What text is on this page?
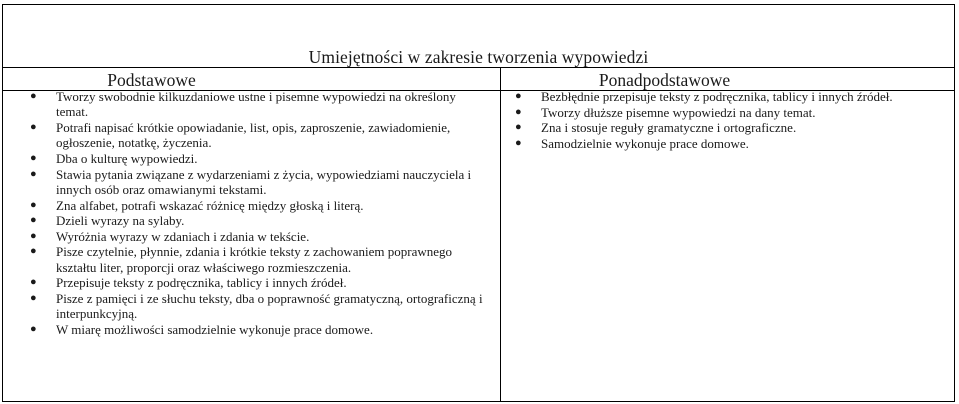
Umiejętności w zakresie tworzenia wypowiedzi
Podstawowe	Ponadpodstawowe
● Tworzy swobodnie kilkuzdaniowe ustne i pisemne wypowiedzi na określony temat.
● Potrafi napisać krótkie opowiadanie, list, opis, zaproszenie, zawiadomienie, ogłoszenie, notatkę, życzenia.
● Dba o kulturę wypowiedzi.
● Stawia pytania związane z wydarzeniami z życia, wypowiedziami nauczyciela i innych osób oraz omawianymi tekstami.
● Zna alfabet, potrafi wskazać różnicę między głoską i literą.
● Dzieli wyrazy na sylaby.
● Wyróżnia wyrazy w zdaniach i zdania w tekście.
● Pisze czytelnie, płynnie, zdania i krótkie teksty z zachowaniem poprawnego kształtu liter, proporcji oraz właściwego rozmieszczenia.
● Przepisuje teksty z podręcznika, tablicy i innych źródeł.
● Pisze z pamięci i ze słuchu teksty, dba o poprawność gramatyczną, ortograficzną i interpunkcyjną.
● W miarę możliwości samodzielnie wykonuje prace domowe.
● Bezbłędnie przepisuje teksty z podręcznika, tablicy i innych źródeł.
● Tworzy dłuższe pisemne wypowiedzi na dany temat.
● Zna i stosuje reguły gramatyczne i ortograficzne.
● Samodzielnie wykonuje prace domowe.
